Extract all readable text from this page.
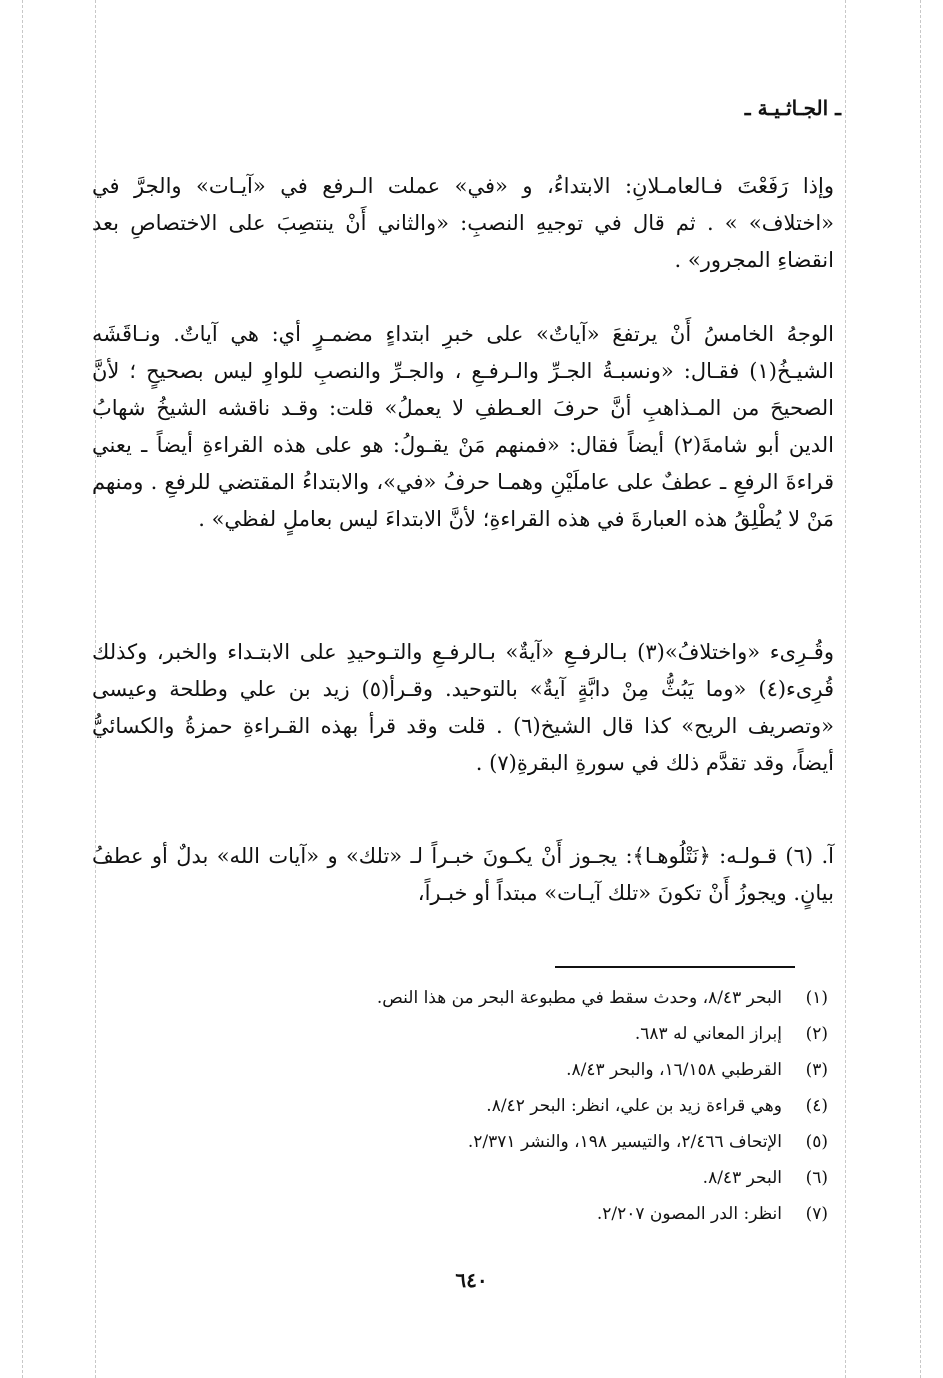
ـ الجـاثـيـة ـ

وإذا رَفَعْتَ فـالعامـلانِ: الابتداءُ، و «في» عملت الـرفع في «آيـات» والجرَّ في «اختلاف» » . ثم قال في توجيهِ النصبِ: «والثاني أَنْ ينتصِبَ على الاختصاصِ بعد انقضاءِ المجرور» .

الوجهُ الخامسُ أَنْ يرتفعَ «آياتٌ» على خبرِ ابتداءٍ مضمـرٍ أي: هي آياتٌ. ونـاقَشَه الشيـخُ(١) فقـال: «ونسبـةُ الجـرِّ والـرفـعِ ، والجـرِّ والنصبِ للواوِ ليس بصحيحٍ ؛ لأنَّ الصحيحَ من المـذاهبِ أنَّ حرفَ العـطفِ لا يعملُ» قلت: وقـد ناقشه الشيخُ شهابُ الدين أبو شامةَ(٢) أيضاً فقال: «فمنهم مَنْ يقـولُ: هو على هذه القراءةِ أيضاً ـ يعني قراءةَ الرفعِ ـ عطفٌ على عاملَيْنِ وهمـا حرفُ «في»، والابتداءُ المقتضي للرفعِ . ومنهم مَنْ لا يُطْلِقُ هذه العبارةَ في هذه القراءةِ؛ لأنَّ الابتداءَ ليس بعاملٍ لفظي» .

وقُـرِىء «واختلافُ»(٣) بـالرفـعِ «آيةٌ» بـالرفـعِ والتـوحيدِ على الابتـداء والخبر، وكذلك قُرِىء(٤) «وما يَبُثُّ مِنْ دابَّةٍ آيةٌ» بالتوحيد. وقـرأ(٥) زيد بن علي وطلحة وعيسى «وتصريف الريح» كذا قال الشيخ(٦) . قلت وقد قرأ بهذه القـراءةِ حمزةُ والكسائيُّ أيضاً، وقد تقدَّم ذلك في سورةِ البقرةِ(٧) .

آ. (٦) قـولـه: ﴿نَتْلُوهـا﴾: يجـوز أَنْ يكـونَ خبـراً لـ «تلك» و «آيات الله» بدلٌ أو عطفُ بيانٍ. ويجوزُ أَنْ تكونَ «تلك آيـات» مبتداً أو خبـراً،

(١)
البحر ٨/٤٣، وحدث سقط في مطبوعة البحر من هذا النص.
(٢)
إبراز المعاني له ٦٨٣.
(٣)
القرطبي ١٦/١٥٨، والبحر ٨/٤٣.
(٤)
وهي قراءة زيد بن علي، انظر: البحر ٨/٤٢.
(٥)
الإتحاف ٢/٤٦٦، والتيسير ١٩٨، والنشر ٢/٣٧١.
(٦)
البحر ٨/٤٣.
(٧)
انظر: الدر المصون ٢/٢٠٧.
٦٤٠
